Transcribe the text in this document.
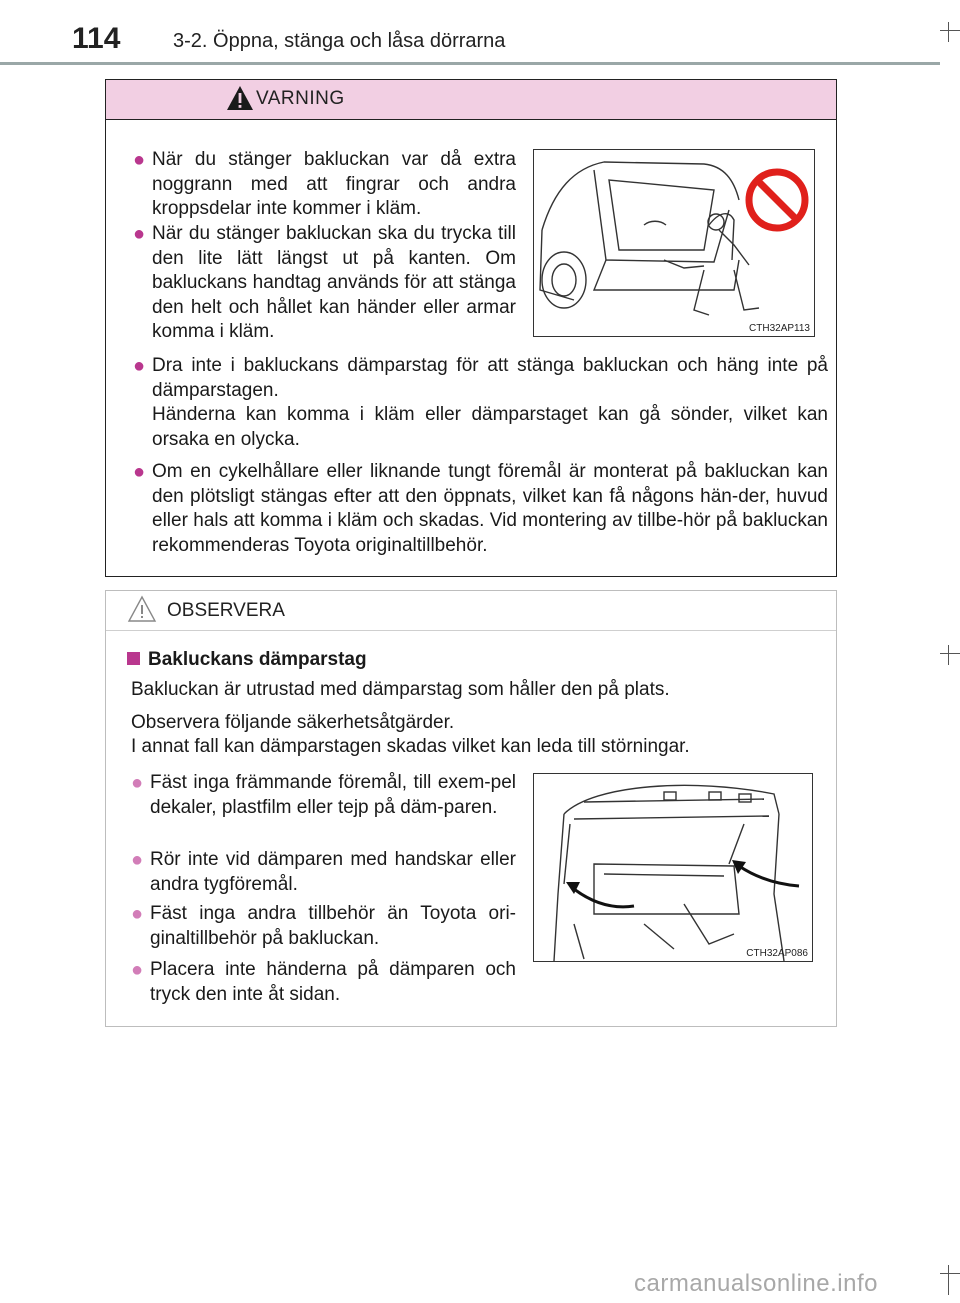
114	3-2. Öppna, stänga och låsa dörrarna
VARNING
● När du stänger bakluckan var då extra noggrann med att fingrar och andra kroppsdelar inte kommer i kläm.
● När du stänger bakluckan ska du trycka till den lite lätt längst ut på kanten. Om bakluckans handtag används för att stänga den helt och hållet kan händer eller armar komma i kläm.	CTH32AP113
● Dra inte i bakluckans dämparstag för att stänga bakluckan och häng inte på dämparstagen.
Händerna kan komma i kläm eller dämparstaget kan gå sönder, vilket kan orsaka en olycka.
● Om en cykelhållare eller liknande tungt föremål är monterat på bakluckan kan den plötsligt stängas efter att den öppnats, vilket kan få någons hän-der, huvud eller hals att komma i kläm och skadas. Vid montering av tillbe-hör på bakluckan rekommenderas Toyota originaltillbehör.
OBSERVERA
Bakluckans dämparstag
Bakluckan är utrustad med dämparstag som håller den på plats.
Observera följande säkerhetsåtgärder.
I annat fall kan dämparstagen skadas vilket kan leda till störningar.
● Fäst inga främmande föremål, till exem-pel dekaler, plastfilm eller tejp på däm-paren.
● Rör inte vid dämparen med handskar eller andra tygföremål.
● Fäst inga andra tillbehör än Toyota ori-ginaltillbehör på bakluckan.
● Placera inte händerna på dämparen och tryck den inte åt sidan.
CTH32AP086
carmanualsonline.info
